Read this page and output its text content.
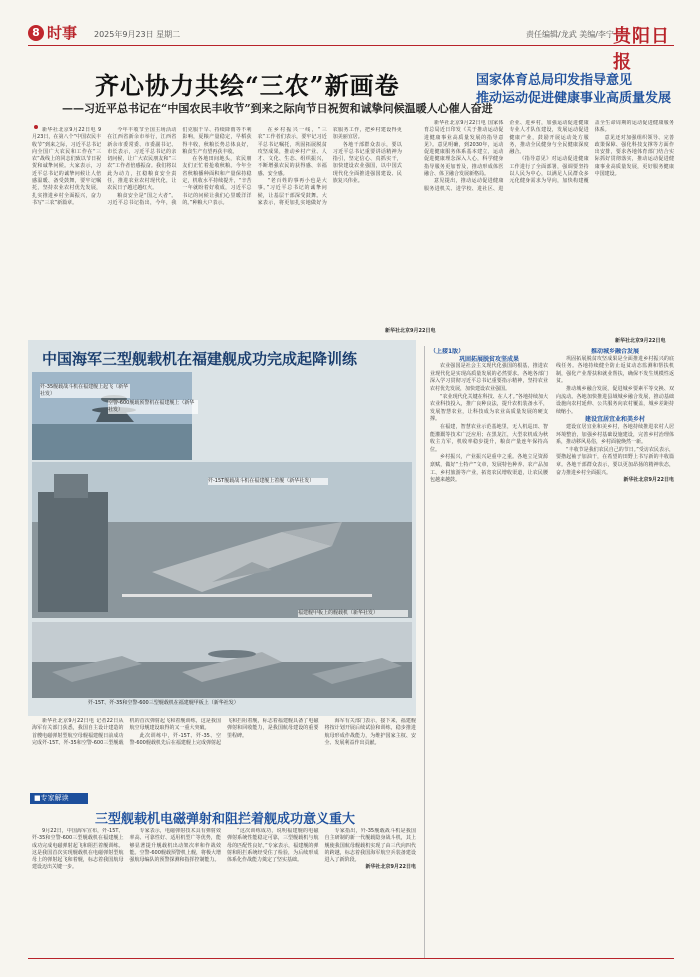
8 时事 2025年9月23日 星期二	责任编辑/龙武 美编/李宁 贵阳日报
齐心协力共绘“三农”新画卷
——习近平总书记在“中国农民丰收节”到来之际向节日祝贺和诚挚问候温暖人心催人奋进

新华社北京9月22日电 9月23日，在第八个“中国农民丰收节”到来之际，习近平总书记向全国广大农民和工作在“三农”战线上的同志们致以节日祝贺和诚挚问候。大家表示，习近平总书记的诚挚问候让人倍感温暖、备受鼓舞，要牢记嘱托，坚持农业农村优先发展，扎实推进乡村全面振兴，奋力书写“三农”新篇章。

今年丰收节全国主场活动在江西省新余市举行，江西省新余市委常委、市委副书记、市长表示，习近平总书记的亲切问候，让广大农民朋友和“三农”工作者倍感振奋。我们将以此为动力，扛稳粮食安全责任，推进农业农村现代化，让农民日子越过越红火。

粮食安全是“国之大者”。习近平总书记指出，今年，我们克服干旱、持续降雨等不利影响，夏粮产量稳定，早稻获得丰收，秋粮长势总体良好，粮食生产有望再获丰收。

在各地田间地头，农民朋友们正忙着抢收秋粮。今年全省秋粮播种面积和产量保持稳定，机收水平持续提升，“辛苦一年就盼着好收成，习近平总书记的问候让我们心里暖洋洋的。”种粮大户表示。

在乡村振兴一线，“三农”工作者们表示，要牢记习近平总书记嘱托，巩固拓展脱贫攻坚成果，推动乡村产业、人才、文化、生态、组织振兴，不断增强农民的获得感、幸福感、安全感。

“老百姓的事再小也是大事。”习近平总书记的诚挚问候，让基层干部深受鼓舞。大家表示，将更加扎实地做好为农服务工作，把乡村建设得更加美丽宜居。

各地干部群众表示，要以习近平总书记重要讲话精神为指引，坚定信心、真抓实干，加快建设农业强国，以中国式现代化全面推进强国建设、民族复兴伟业。

新华社北京9月22日电
国家体育总局印发指导意见
推动运动促进健康事业高质量发展

新华社北京9月22日电 国家体育总局近日印发《关于推动运动促进健康事业高质量发展的指导意见》。意见明确，到2030年，运动促进健康服务体系基本建立，运动促进健康理念深入人心，科学健身指导服务更加普及，推动形成体医融合、体卫融合发展新格局。

意见提出，推动运动促进健康服务进机关、进学校、进社区、进企业、进乡村，加强运动促进健康专业人才队伍建设，发展运动促进健康产业，鼓励开展运动处方服务，推动全民健身与全民健康深度融合。

《指导意见》对运动促进健康工作进行了全面部署，强调要坚持以人民为中心，以满足人民群众多元化健身需求为导向，加快构建覆盖全生命周期的运动促进健康服务体系。

意见还对加强组织领导、完善政策保障、强化科技支撑等方面作出安排，要求各地体育部门结合实际抓好贯彻落实，推动运动促进健康事业高质量发展，更好服务健康中国建设。

新华社北京9月22日电
中国海军三型舰载机在福建舰成功完成起降训练
歼-35舰载战斗机在福建舰上起飞（新华社发）
空警-600舰载预警机在福建舰上（新华社发）
歼-15T舰载战斗机在福建舰上着舰（新华社发）
福建舰甲板上的舰载机（新华社发）
歼-15T、歼-35和空警-600三型舰载机在福建舰甲板上（新华社发）

新华社北京9月22日电 记者22日从海军有关部门获悉，我国自主设计建造的首艘电磁弹射型航空母舰福建舰日前成功完成歼-15T、歼-35和空警-600三型舰载机的首次弹射起飞和着舰训练，这是我国航空母舰建设取得的又一重大突破。

此次训练中，歼-15T、歼-35、空警-600舰载机先后在福建舰上完成弹射起飞和拦阻着舰，标志着福建舰具备了电磁弹射和回收能力，是我国航母建设的重要里程碑。

海军有关部门表示，接下来，福建舰将按计划开展后续试验和训练，稳步推进航母形成作战能力，为维护国家主权、安全、发展利益作出贡献。

■专家解读
三型舰载机电磁弹射和阻拦着舰成功意义重大

9月22日，中国海军宣布，歼-15T、歼-35和空警-600三型舰载机在福建舰上成功完成电磁弹射起飞和阻拦着舰训练。这是我国首次实现舰载机在电磁弹射型航母上的弹射起飞和着舰，标志着我国航母建设迈出关键一步。

专家表示，电磁弹射技术具有弹射效率高、可靠性好、适用机型广等优势，能够显著提升舰载机出动架次率和作战效能。空警-600舰载预警机上舰，将极大增强航母编队的预警探测和指挥控制能力。

“这次训练成功，说明福建舰的电磁弹射系统性能稳定可靠，三型舰载机与航母的匹配性良好。”专家表示，福建舰的弹射和阻拦系统经受住了检验，为后续形成体系化作战能力奠定了坚实基础。

专家指出，歼-35舰载战斗机是我国自主研制的新一代舰载隐身战斗机，其上舰使我国航母舰载机实现了由三代向四代的跨越，标志着我国海军航空兵装备建设进入了新阶段。

新华社北京9月22日电

（上接1版）

巩固拓展脱贫攻坚成果

农业强国是社会主义现代化强国的根基，推进农业现代化是实现高质量发展的必然要求。各地各部门深入学习贯彻习近平总书记重要指示精神，坚持农业农村优先发展，加快建设农业强国。

“农业现代化关键在科技、在人才。”各地持续加大农业科技投入，推广良种良法，提升农机装备水平，发展智慧农业，让科技成为农业高质量发展的硬支撑。

在福建，智慧农业示范基地里，无人机巡田、智能灌溉等技术广泛应用；在黑龙江，大型农机成为秋收主力军，机收率稳步提升，粮食产量连年保持高位。

乡村振兴，产业振兴是重中之重。各地立足资源禀赋，做好“土特产”文章，发展特色种养、农产品加工、乡村旅游等产业，拓宽农民增收渠道，让农民腰包越来越鼓。

推动城乡融合发展

巩固拓展脱贫攻坚成果是全面推进乡村振兴的底线任务。各地持续健全防止返贫动态监测和帮扶机制，强化产业帮扶和就业帮扶，确保不发生规模性返贫。

推动城乡融合发展，促进城乡要素平等交换、双向流动。各地加快推进县域城乡融合发展，推动基础设施向农村延伸、公共服务向农村覆盖，城乡差距持续缩小。

建设宜居宜业和美乡村

建设宜居宜业和美乡村，各地持续推进农村人居环境整治，加强乡村基础设施建设，完善乡村治理体系，推动移风易俗，乡村面貌焕然一新。

“丰收节是我们农民自己的节日。”受访农民表示，要撸起袖子加油干，在希望的田野上书写新的丰收篇章。各地干部群众表示，要以更加昂扬的精神状态，奋力推进乡村全面振兴。

新华社北京9月22日电
